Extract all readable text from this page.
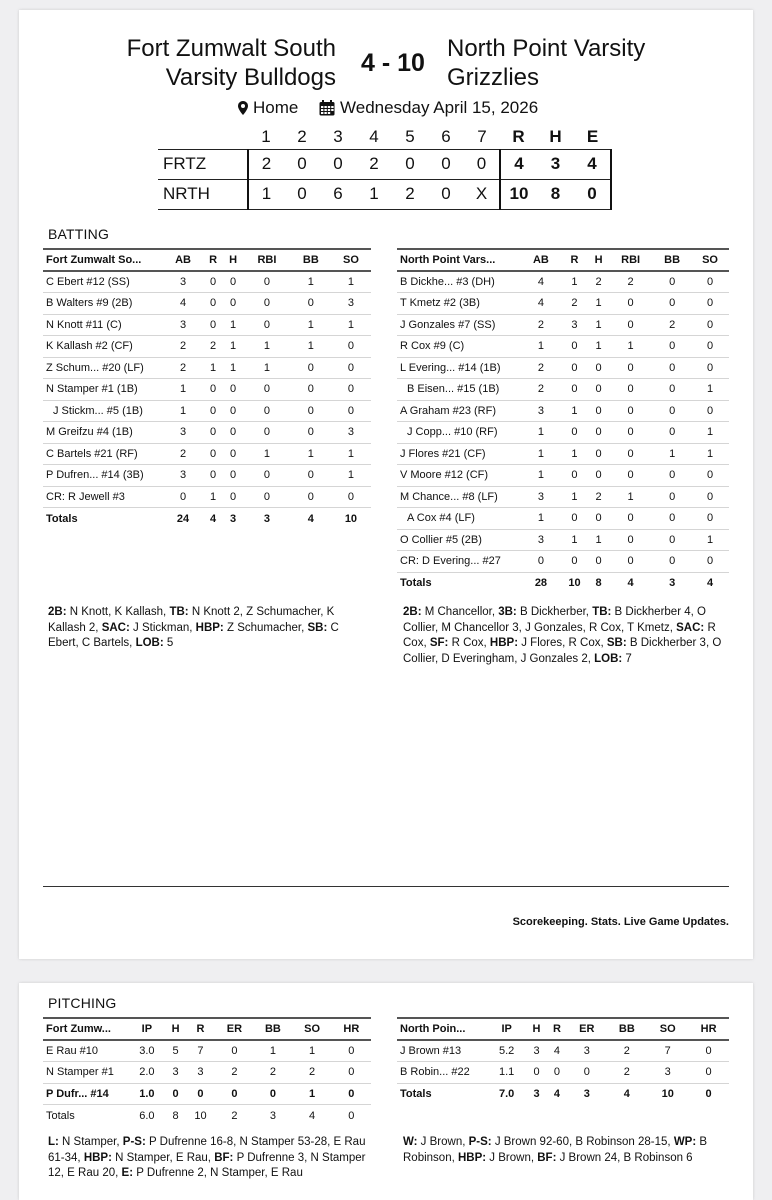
Fort Zumwalt South
Varsity Bulldogs
4 - 10
North Point Varsity
Grizzlies
Home Wednesday April 15, 2026
	1	2	3	4	5	6	7	R	H	E
FRTZ	2	0	0	2	0	0	0	4	3	4
NRTH	1	0	6	1	2	0	X	10	8	0
BATTING
Fort Zumwalt So...	AB	R	H	RBI	BB	SO
C Ebert #12 (SS)	3	0	0	0	1	1
B Walters #9 (2B)	4	0	0	0	0	3
N Knott #11 (C)	3	0	1	0	1	1
K Kallash #2 (CF)	2	2	1	1	1	0
Z Schum... #20 (LF)	2	1	1	1	0	0
N Stamper #1 (1B)	1	0	0	0	0	0
J Stickm... #5 (1B)	1	0	0	0	0	0
M Greifzu #4 (1B)	3	0	0	0	0	3
C Bartels #21 (RF)	2	0	0	1	1	1
P Dufren... #14 (3B)	3	0	0	0	0	1
CR: R Jewell #3	0	1	0	0	0	0
Totals	24	4	3	3	4	10
North Point Vars...	AB	R	H	RBI	BB	SO
B Dickhe... #3 (DH)	4	1	2	2	0	0
T Kmetz #2 (3B)	4	2	1	0	0	0
J Gonzales #7 (SS)	2	3	1	0	2	0
R Cox #9 (C)	1	0	1	1	0	0
L Evering... #14 (1B)	2	0	0	0	0	0
B Eisen... #15 (1B)	2	0	0	0	0	1
A Graham #23 (RF)	3	1	0	0	0	0
J Copp... #10 (RF)	1	0	0	0	0	1
J Flores #21 (CF)	1	1	0	0	1	1
V Moore #12 (CF)	1	0	0	0	0	0
M Chance... #8 (LF)	3	1	2	1	0	0
A Cox #4 (LF)	1	0	0	0	0	0
O Collier #5 (2B)	3	1	1	0	0	1
CR: D Evering... #27	0	0	0	0	0	0
Totals	28	10	8	4	3	4
2B: N Knott, K Kallash, TB: N Knott 2, Z Schumacher, K Kallash 2, SAC: J Stickman, HBP: Z Schumacher, SB: C Ebert, C Bartels, LOB: 5
2B: M Chancellor, 3B: B Dickherber, TB: B Dickherber 4, O Collier, M Chancellor 3, J Gonzales, R Cox, T Kmetz, SAC: R Cox, SF: R Cox, HBP: J Flores, R Cox, SB: B Dickherber 3, O Collier, D Everingham, J Gonzales 2, LOB: 7
Scorekeeping. Stats. Live Game Updates.
PITCHING
Fort Zumw...	IP	H	R	ER	BB	SO	HR
E Rau #10	3.0	5	7	0	1	1	0
N Stamper #1	2.0	3	3	2	2	2	0
P Dufr... #14	1.0	0	0	0	0	1	0
Totals	6.0	8	10	2	3	4	0
North Poin...	IP	H	R	ER	BB	SO	HR
J Brown #13	5.2	3	4	3	2	7	0
B Robin... #22	1.1	0	0	0	2	3	0
Totals	7.0	3	4	3	4	10	0
L: N Stamper, P-S: P Dufrenne 16-8, N Stamper 53-28, E Rau 61-34, HBP: N Stamper, E Rau, BF: P Dufrenne 3, N Stamper 12, E Rau 20, E: P Dufrenne 2, N Stamper, E Rau
W: J Brown, P-S: J Brown 92-60, B Robinson 28-15, WP: B Robinson, HBP: J Brown, BF: J Brown 24, B Robinson 6
